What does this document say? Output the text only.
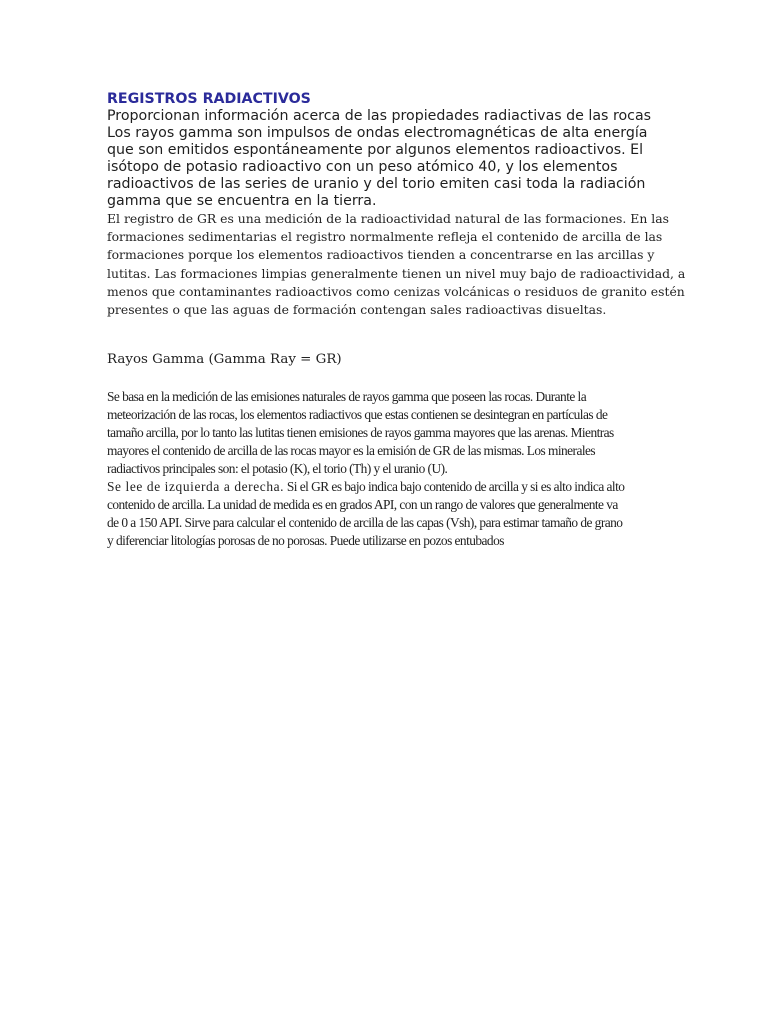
REGISTROS RADIACTIVOS

Proporcionan información acerca de las propiedades radiactivas de las rocas
Los rayos gamma son impulsos de ondas electromagnéticas de alta energía
que son emitidos espontáneamente por algunos elementos radioactivos. El
isótopo de potasio radioactivo con un peso atómico 40, y los elementos
radioactivos de las series de uranio y del torio emiten casi toda la radiación
gamma que se encuentra en la tierra.

El registro de GR es una medición de la radioactividad natural de las formaciones. En las
formaciones sedimentarias el registro normalmente refleja el contenido de arcilla de las
formaciones porque los elementos radioactivos tienden a concentrarse en las arcillas y
lutitas. Las formaciones limpias generalmente tienen un nivel muy bajo de radioactividad, a
menos que contaminantes radioactivos como cenizas volcánicas o residuos de granito estén
presentes o que las aguas de formación contengan sales radioactivas disueltas.

Rayos Gamma (Gamma Ray = GR)

Se basa en la medición de las emisiones naturales de rayos gamma que poseen las rocas. Durante la
meteorización de las rocas, los elementos radiactivos que estas contienen se desintegran en partículas de
tamaño arcilla, por lo tanto las lutitas tienen emisiones de rayos gamma mayores que las arenas. Mientras
mayores el contenido de arcilla de las rocas mayor es la emisión de GR de las mismas. Los minerales
radiactivos principales son: el potasio (K), el torio (Th) y el uranio (U).
Se lee de izquierda a derecha. Si el GR es bajo indica bajo contenido de arcilla y si es alto indica alto
contenido de arcilla. La unidad de medida es en grados API, con un rango de valores que generalmente va
de 0 a 150 API. Sirve para calcular el contenido de arcilla de las capas (Vsh), para estimar tamaño de grano
y diferenciar litologías porosas de no porosas. Puede utilizarse en pozos entubados
